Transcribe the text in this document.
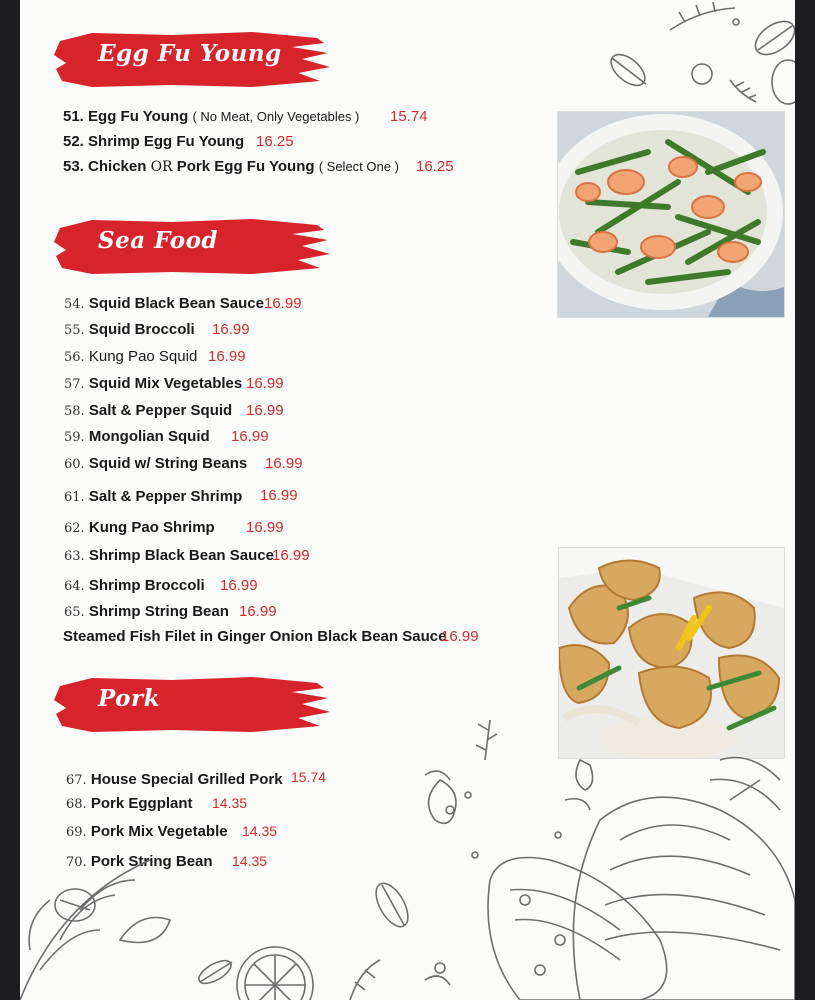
Egg Fu Young
51. Egg Fu Young ( No Meat, Only Vegetables ) 15.74
52. Shrimp Egg Fu Young 16.25
53. Chicken OR Pork Egg Fu Young ( Select One ) 16.25
Sea Food
54. Squid Black Bean Sauce 16.99
55. Squid Broccoli 16.99
56. Kung Pao Squid 16.99
57. Squid Mix Vegetables 16.99
58. Salt & Pepper Squid 16.99
59. Mongolian Squid 16.99
60. Squid w/ String Beans 16.99
61. Salt & Pepper Shrimp 16.99
62. Kung Pao Shrimp 16.99
63. Shrimp Black Bean Sauce
16.99
64. Shrimp Broccoli 16.99
65. Shrimp String Bean 16.99
Steamed Fish Filet in Ginger Onion Black Bean Sauce
16.99
Pork
67. House Special Grilled Pork 15.74
68. Pork Eggplant 14.35
69. Pork Mix Vegetable 14.35
70. Pork String Bean 14.35
